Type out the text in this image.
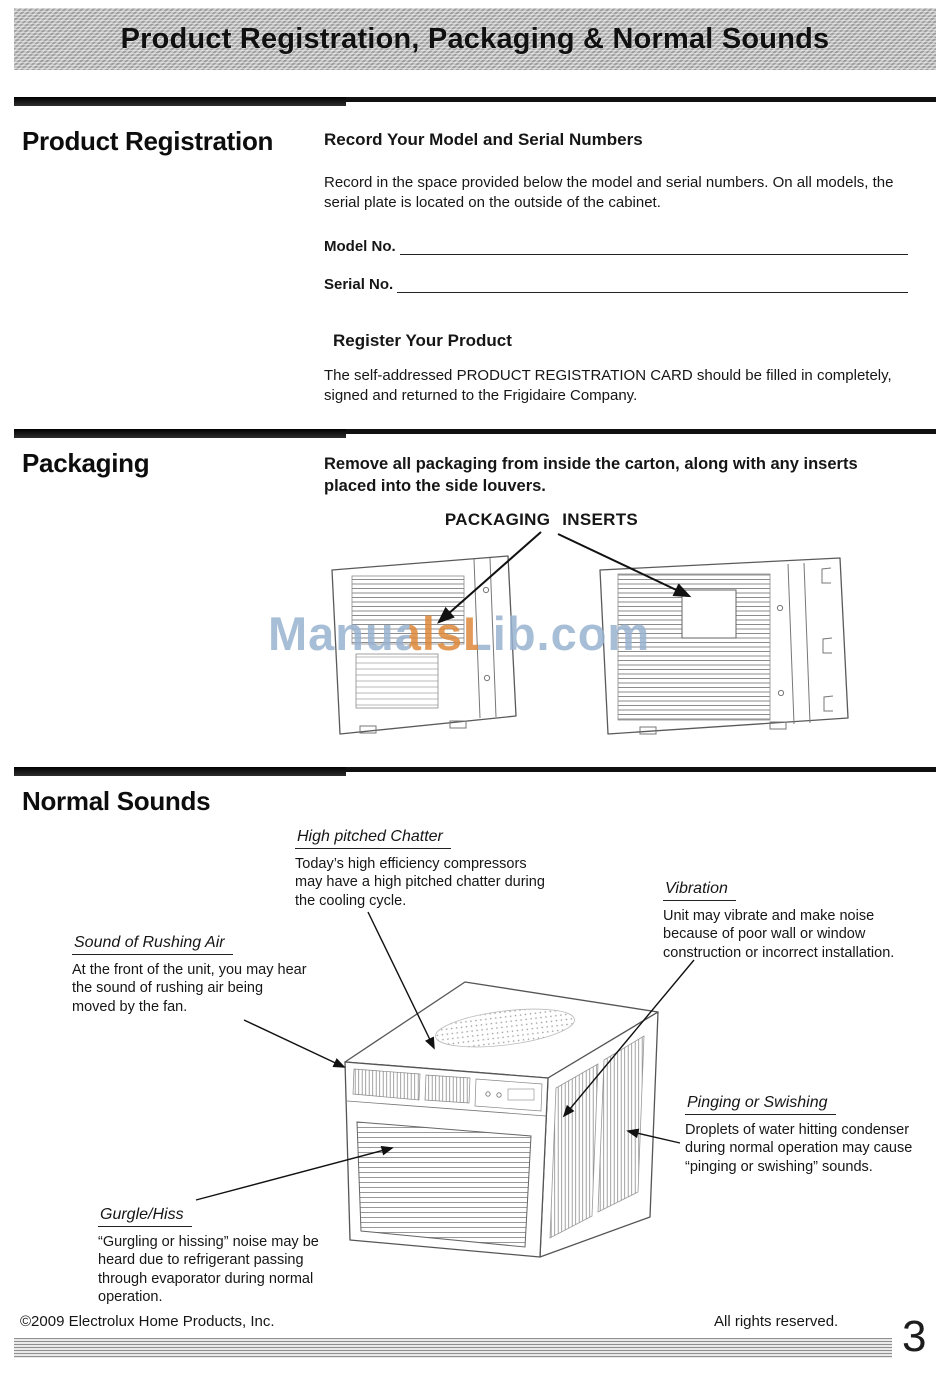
Product Registration, Packaging & Normal Sounds
Product Registration	Record Your Model and Serial Numbers

Record in the space provided below the model and serial numbers. On all models, the serial plate is located on the outside of the cabinet.

Model No.
Serial No.
Register Your Product

The self-addressed PRODUCT REGISTRATION CARD should be filled in completely, signed and returned to the Frigidaire Company.

Packaging	Remove all packaging from inside the carton, along with any inserts placed into the side louvers.

PACKAGING INSERTS
ManualsLib.com
Normal Sounds
High pitched Chatter

Today’s high efficiency compressors may have a high pitched chatter during the cooling cycle.

Vibration

Unit may vibrate and make noise because of poor wall or window construction or incorrect installation.

Sound of Rushing Air

At the front of the unit, you may hear the sound of rushing air being moved by the fan.

Pinging or Swishing

Droplets of water hitting condenser during normal operation may cause “pinging or swishing” sounds.

Gurgle/Hiss

“Gurgling or hissing” noise may be heard due to refrigerant passing through evaporator during normal operation.

©2009 Electrolux Home Products, Inc.	All rights reserved. 3
